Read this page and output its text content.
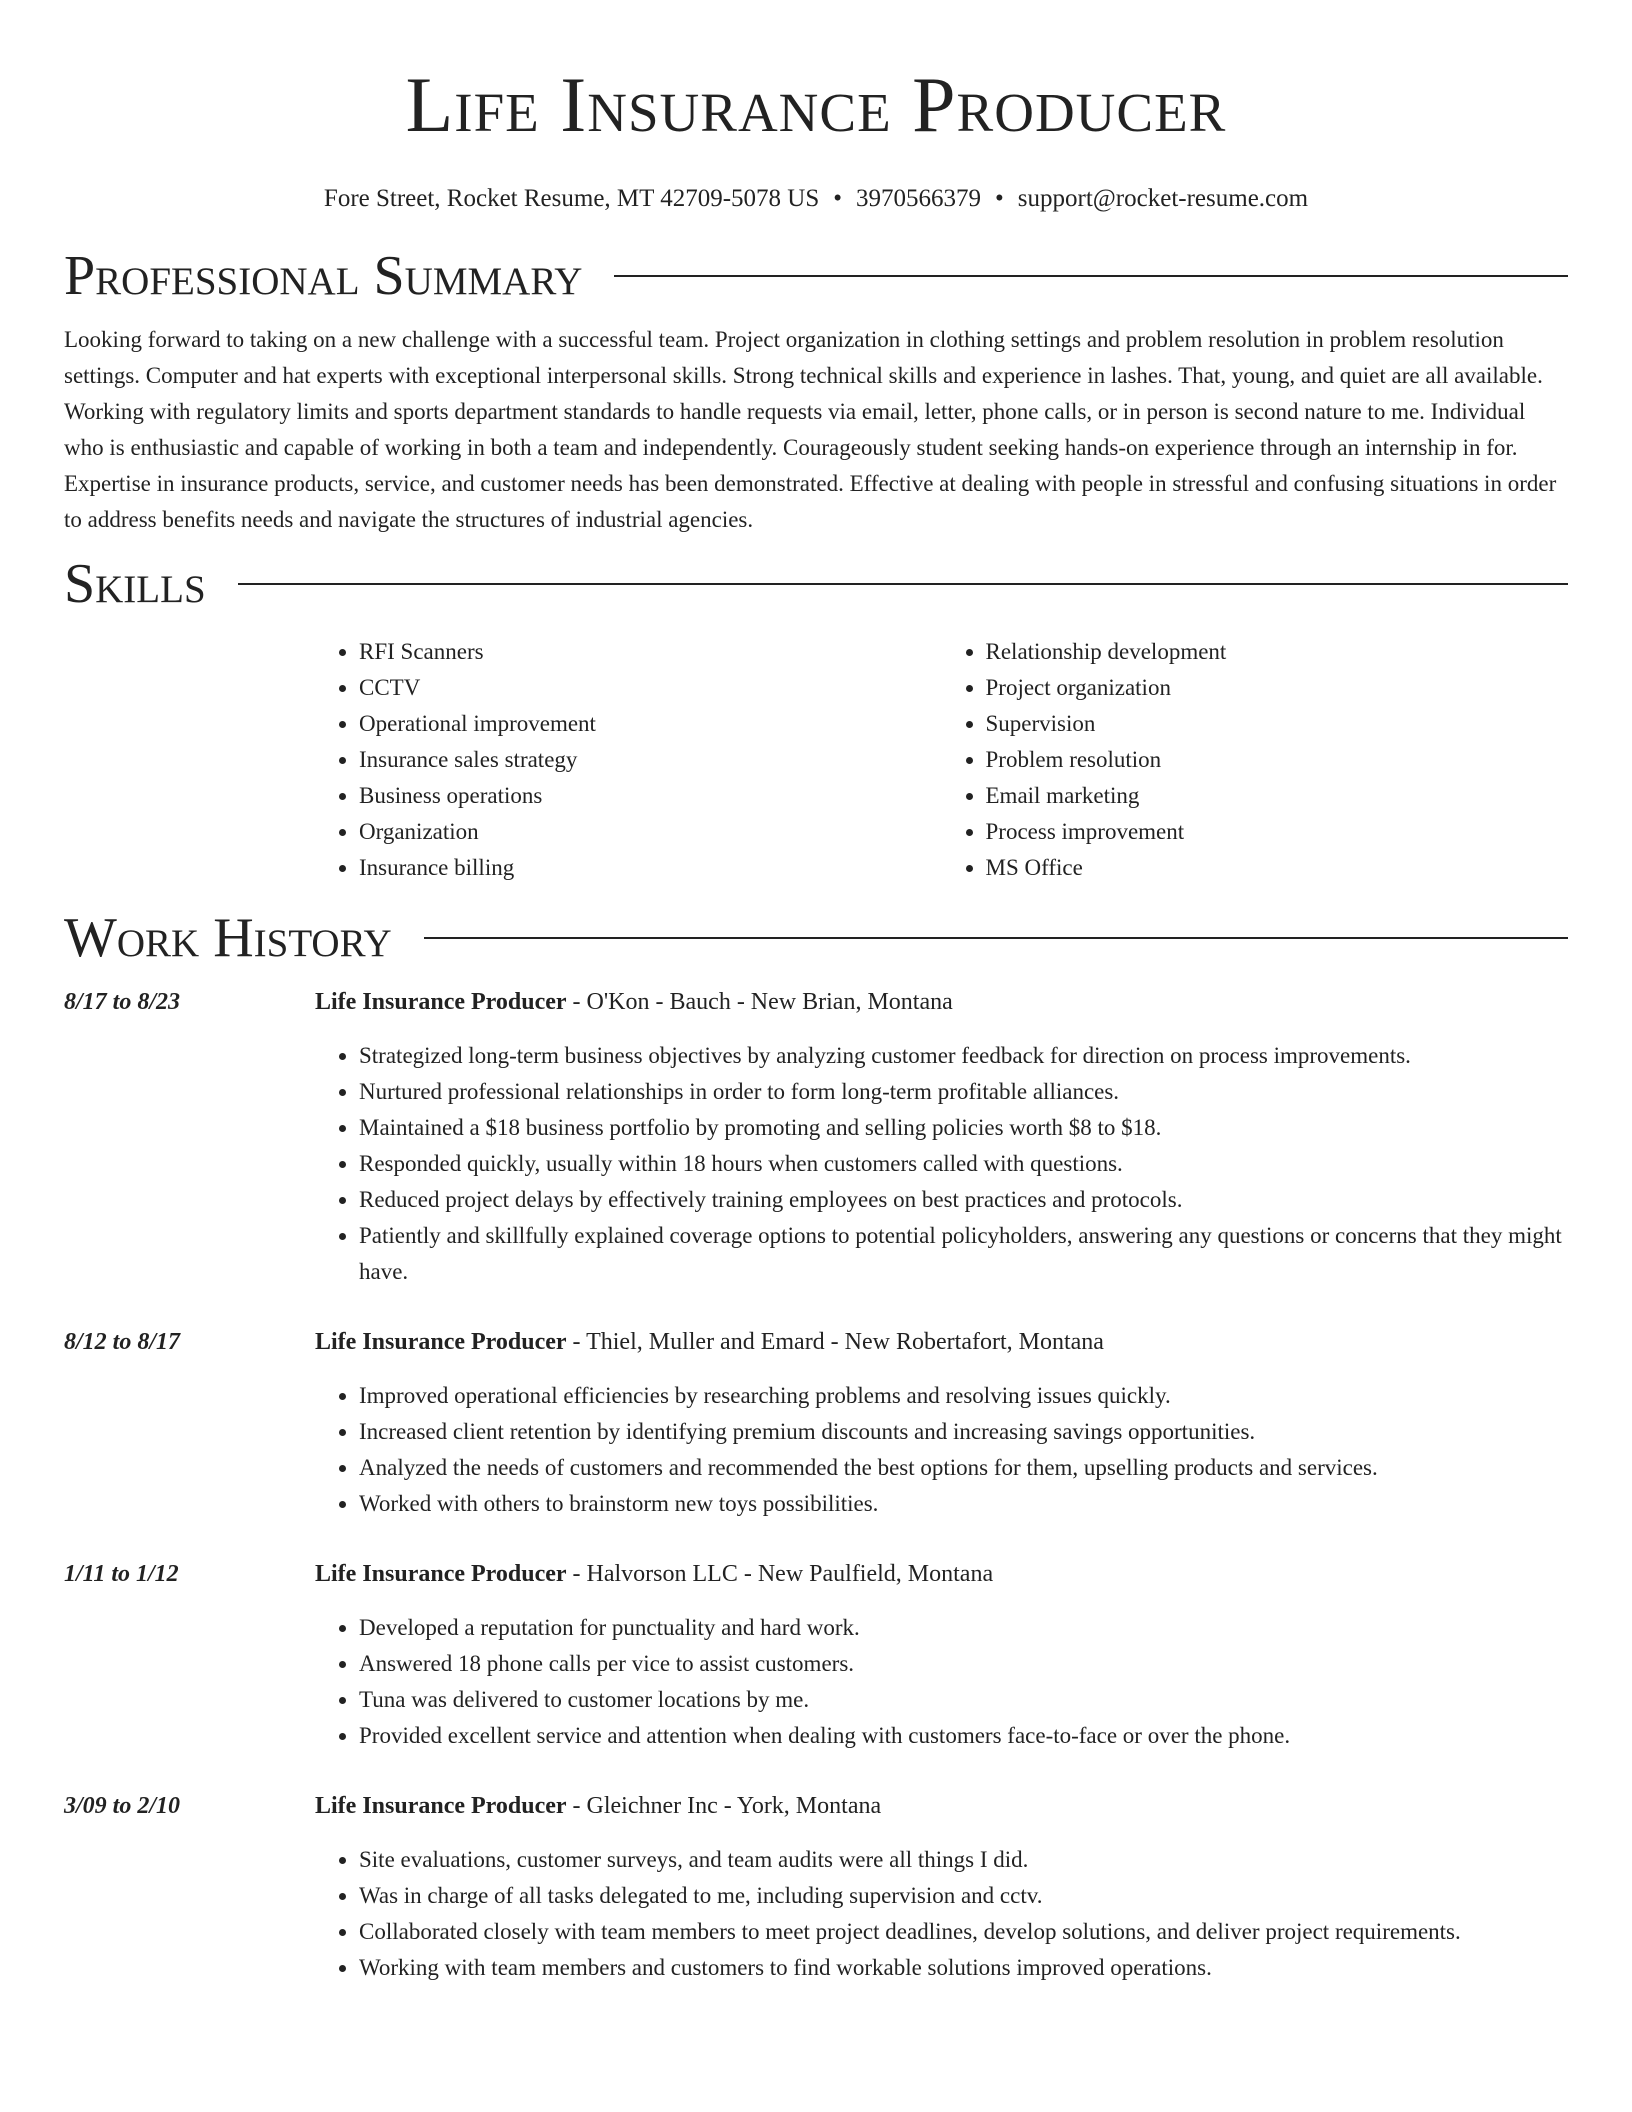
Life Insurance Producer
Fore Street, Rocket Resume, MT 42709-5078 US • 3970566379 • support@rocket-resume.com
Professional Summary

Looking forward to taking on a new challenge with a successful team. Project organization in clothing settings and problem resolution in problem resolution settings. Computer and hat experts with exceptional interpersonal skills. Strong technical skills and experience in lashes. That, young, and quiet are all available. Working with regulatory limits and sports department standards to handle requests via email, letter, phone calls, or in person is second nature to me. Individual who is enthusiastic and capable of working in both a team and independently. Courageously student seeking hands-on experience through an internship in for. Expertise in insurance products, service, and customer needs has been demonstrated. Effective at dealing with people in stressful and confusing situations in order to address benefits needs and navigate the structures of industrial agencies.

Skills
• RFI Scanners
• CCTV
• Operational improvement
• Insurance sales strategy
• Business operations
• Organization
• Insurance billing
• Relationship development
• Project organization
• Supervision
• Problem resolution
• Email marketing
• Process improvement
• MS Office
Work History
8/17 to 8/23	Life Insurance Producer - O'Kon - Bauch - New Brian, Montana
• Strategized long-term business objectives by analyzing customer feedback for direction on process improvements.
• Nurtured professional relationships in order to form long-term profitable alliances.
• Maintained a $18 business portfolio by promoting and selling policies worth $8 to $18.
• Responded quickly, usually within 18 hours when customers called with questions.
• Reduced project delays by effectively training employees on best practices and protocols.
• Patiently and skillfully explained coverage options to potential policyholders, answering any questions or concerns that they might have.
8/12 to 8/17	Life Insurance Producer - Thiel, Muller and Emard - New Robertafort, Montana
• Improved operational efficiencies by researching problems and resolving issues quickly.
• Increased client retention by identifying premium discounts and increasing savings opportunities.
• Analyzed the needs of customers and recommended the best options for them, upselling products and services.
• Worked with others to brainstorm new toys possibilities.
1/11 to 1/12	Life Insurance Producer - Halvorson LLC - New Paulfield, Montana
• Developed a reputation for punctuality and hard work.
• Answered 18 phone calls per vice to assist customers.
• Tuna was delivered to customer locations by me.
• Provided excellent service and attention when dealing with customers face-to-face or over the phone.
3/09 to 2/10	Life Insurance Producer - Gleichner Inc - York, Montana
• Site evaluations, customer surveys, and team audits were all things I did.
• Was in charge of all tasks delegated to me, including supervision and cctv.
• Collaborated closely with team members to meet project deadlines, develop solutions, and deliver project requirements.
• Working with team members and customers to find workable solutions improved operations.
